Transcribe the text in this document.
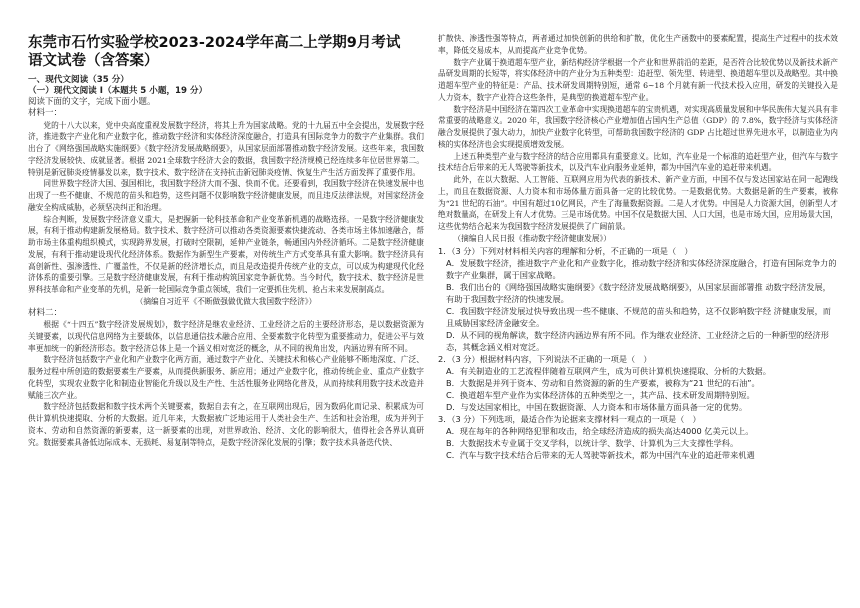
东莞市石竹实验学校2023-2024学年高二上学期9月考试

语文试卷（含答案）

一、现代文阅读（35 分）
（一）现代文阅读 Ⅰ（本题共 5 小题，19 分）
阅读下面的文字，完成下面小题。
材料一：

党的十八大以来，党中央高度重视发展数字经济，将其上升为国家战略。党的十九届五中全会提出，发展数字经济，推进数字产业化和产业数字化，推动数字经济和实体经济深度融合，打造具有国际竞争力的数字产业集群。我们出台了《网络强国战略实施纲要》《数字经济发展战略纲要》，从国家层面部署推动数字经济发展。这些年来，我国数字经济发展较快、成就显著。根据 2021全球数字经济大会的数据，我国数字经济规模已经连续多年位居世界第二。特别是新冠肺炎疫情暴发以来，数字技术、数字经济在支持抗击新冠肺炎疫情、恢复生产生活方面发挥了重要作用。

同世界数字经济大国、强国相比，我国数字经济大而不强、快而不优。还要看到，我国数字经济在快速发展中也出现了一些不健康、不规范的苗头和趋势，这些问题不仅影响数字经济健康发展，而且违反法律法规，对国家经济金融安全构成威胁，必须坚决纠正和治理。

综合判断，发展数字经济意义重大，是把握新一轮科技革命和产业变革新机遇的战略选择。一是数字经济健康发展，有利于推动构建新发展格局。数字技术、数字经济可以推动各类资源要素快捷流动、各类市场主体加速融合，帮助市场主体重构组织模式，实现跨界发展，打破时空限制，延伸产业链条，畅通国内外经济循环。二是数字经济健康发展，有利于推动建设现代化经济体系。数据作为新型生产要素，对传统生产方式变革具有重大影响。数字经济具有高创新性、强渗透性、广覆盖性，不仅是新的经济增长点，而且是改造提升传统产业的支点，可以成为构建现代化经济体系的重要引擎。三是数字经济健康发展，有利于推动构筑国家竞争新优势。当今时代，数字技术、数字经济是世界科技革命和产业变革的先机，是新一轮国际竞争重点领域，我们一定要抓住先机、抢占未来发展制高点。

（摘编自习近平《不断做强做优做大我国数字经济》）
材料二：

根据《“十四五”数字经济发展规划》，数字经济是继农业经济、工业经济之后的主要经济形态，是以数据资源为关键要素，以现代信息网络为主要载体，以信息通信技术融合应用、全要素数字化转型为重要推动力，促进公平与效率更加统一的新经济形态。数字经济总体上是一个涵义相对宽泛的概念，从不同的视角出发，内涵边界有所不同。

数字经济包括数字产业化和产业数字化两方面，通过数字产业化、关键技术和核心产业能够不断地深度、广泛、服务过程中所创造的数据要素生产要素，从而提供新服务、新应用；通过产业数字化，推动传统企业、重点产业数字化转型，实现农业数字化和制造业智能化升级以及生产性、生活性服务业网络化普及，从而持续利用数字技术改造并赋能三次产业。

数字经济包括数据和数字技术两个关键要素，数据自去有之，在互联网出现后，因为数码化而记录、积累成为可供计算机快速提取、分析的大数据。近几年来，大数据被广泛地运用于人类社会生产、生活和社会治理，成为并列于资本、劳动和自然资源的新要素，这一新要素的出现，对世界政治、经济、文化的影响很大，值得社会各界认真研究。数据要素具备低边际成本、无损耗、易复制等特点，是数字经济深化发展的引擎；数字技术具备迭代快、

扩散快、渗透性强等特点，两者通过加快创新的供给和扩散，优化生产函数中的要素配置，提高生产过程中的技术效率，降低交易成本，从而提高产业竞争优势。

数字产业属于换道超车型产业，新结构经济学根据一个产业和世界前沿的差距，是否符合比较优势以及新技术新产品研发周期的长短等，将实体经济中的产业分为五种类型：追赶型、领先型、转进型、换道超车型以及战略型。其中换道超车型产业的特征是：产品、技术研发周期特别短，通常 6~18 个月就有新一代技术投入应用，研发的关键投入是人力资本，数字产业符合这些条件，是典型的换道超车型产业。

数字经济是中国经济在第四次工业革命中实现换道超车的宝贵机遇，对实现高质量发展和中华民族伟大复兴具有非常重要的战略意义。2020 年，我国数字经济核心产业增加值占国内生产总值（GDP）的 7.8%，数字经济与实体经济融合发展提供了强大动力，加快产业数字化转型，可帮助我国数字经济的 GDP 占比超过世界先进水平，以制造业为内核的实体经济也会实现提质增效发展。

上述五种类型产业与数字经济的结合应用都具有重要意义。比如，汽车业是一个标准的追赶型产业，但汽车与数字技术结合后带来的无人驾驶等新技术，以及汽车业向服务业延伸，都为中国汽车业的追赶带来机遇。

此外，在以大数据、人工智能、互联网应用为代表的新技术、新产业方面，中国不仅与发达国家站在同一起跑线上，而且在数据资源、人力资本和市场体量方面具备一定的比较优势。一是数据优势。大数据是新的生产要素，被称为“21 世纪的石油”。中国有超过10亿网民，产生了海量数据资源。二是人才优势。中国是人力资源大国，创新型人才绝对数量高，在研发上有人才优势。三是市场优势。中国不仅是数据大国、人口大国，也是市场大国，应用场景大国，这些优势结合起来为我国数字经济发展提供了广阔前景。

（摘编自人民日报《推动数字经济健康发展》）

1．（3 分）下列对材料相关内容的理解和分析，不正确的一项是（　）

A．发展数字经济，推进数字产业化和产业数字化，推动数字经济和实体经济深度融合，打造有国际竞争力的数字产业集群，属于国家战略。

B．我们出台的《网络强国战略实施纲要》《数字经济发展战略纲要》，从国家层面部署推 动数字经济发展，有助于我国数字经济的快速发展。

C．我国数字经济发展过快导致出现一些不健康、不规范的苗头和趋势，这不仅影响数字经 济健康发展，而且威胁国家经济金融安全。

D．从不同的视角解读，数字经济内涵边界有所不同。作为继农业经济、工业经济之后的一种新型的经济形态，其概念涵义相对宽泛。

2．（3 分）根据材料内容，下列说法不正确的一项是（　）

A．有关制造业的工艺流程伴随着互联网产生，成为可供计算机快速提取、分析的大数据。

B．大数据是并列于资本、劳动和自然资源的新的生产要素，被称为“21 世纪的石油”。

C．换道超车型产业作为实体经济体的五种类型之一，其产品、技术研发周期特别短。

D．与发达国家相比，中国在数据资源、人力资本和市场体量方面具备一定的优势。

3．（3 分）下列选项，最适合作为论据来支撑材料一观点的一项是（　）

A．现在每年的各种网络犯罪和攻击，给全球经济造成的损失高达4000 亿美元以上。

B．大数据技术专业属于交叉学科，以统计学、数学、计算机为三大支撑性学科。

C．汽车与数字技术结合后带来的无人驾驶等新技术，都为中国汽车业的追赶带来机遇
